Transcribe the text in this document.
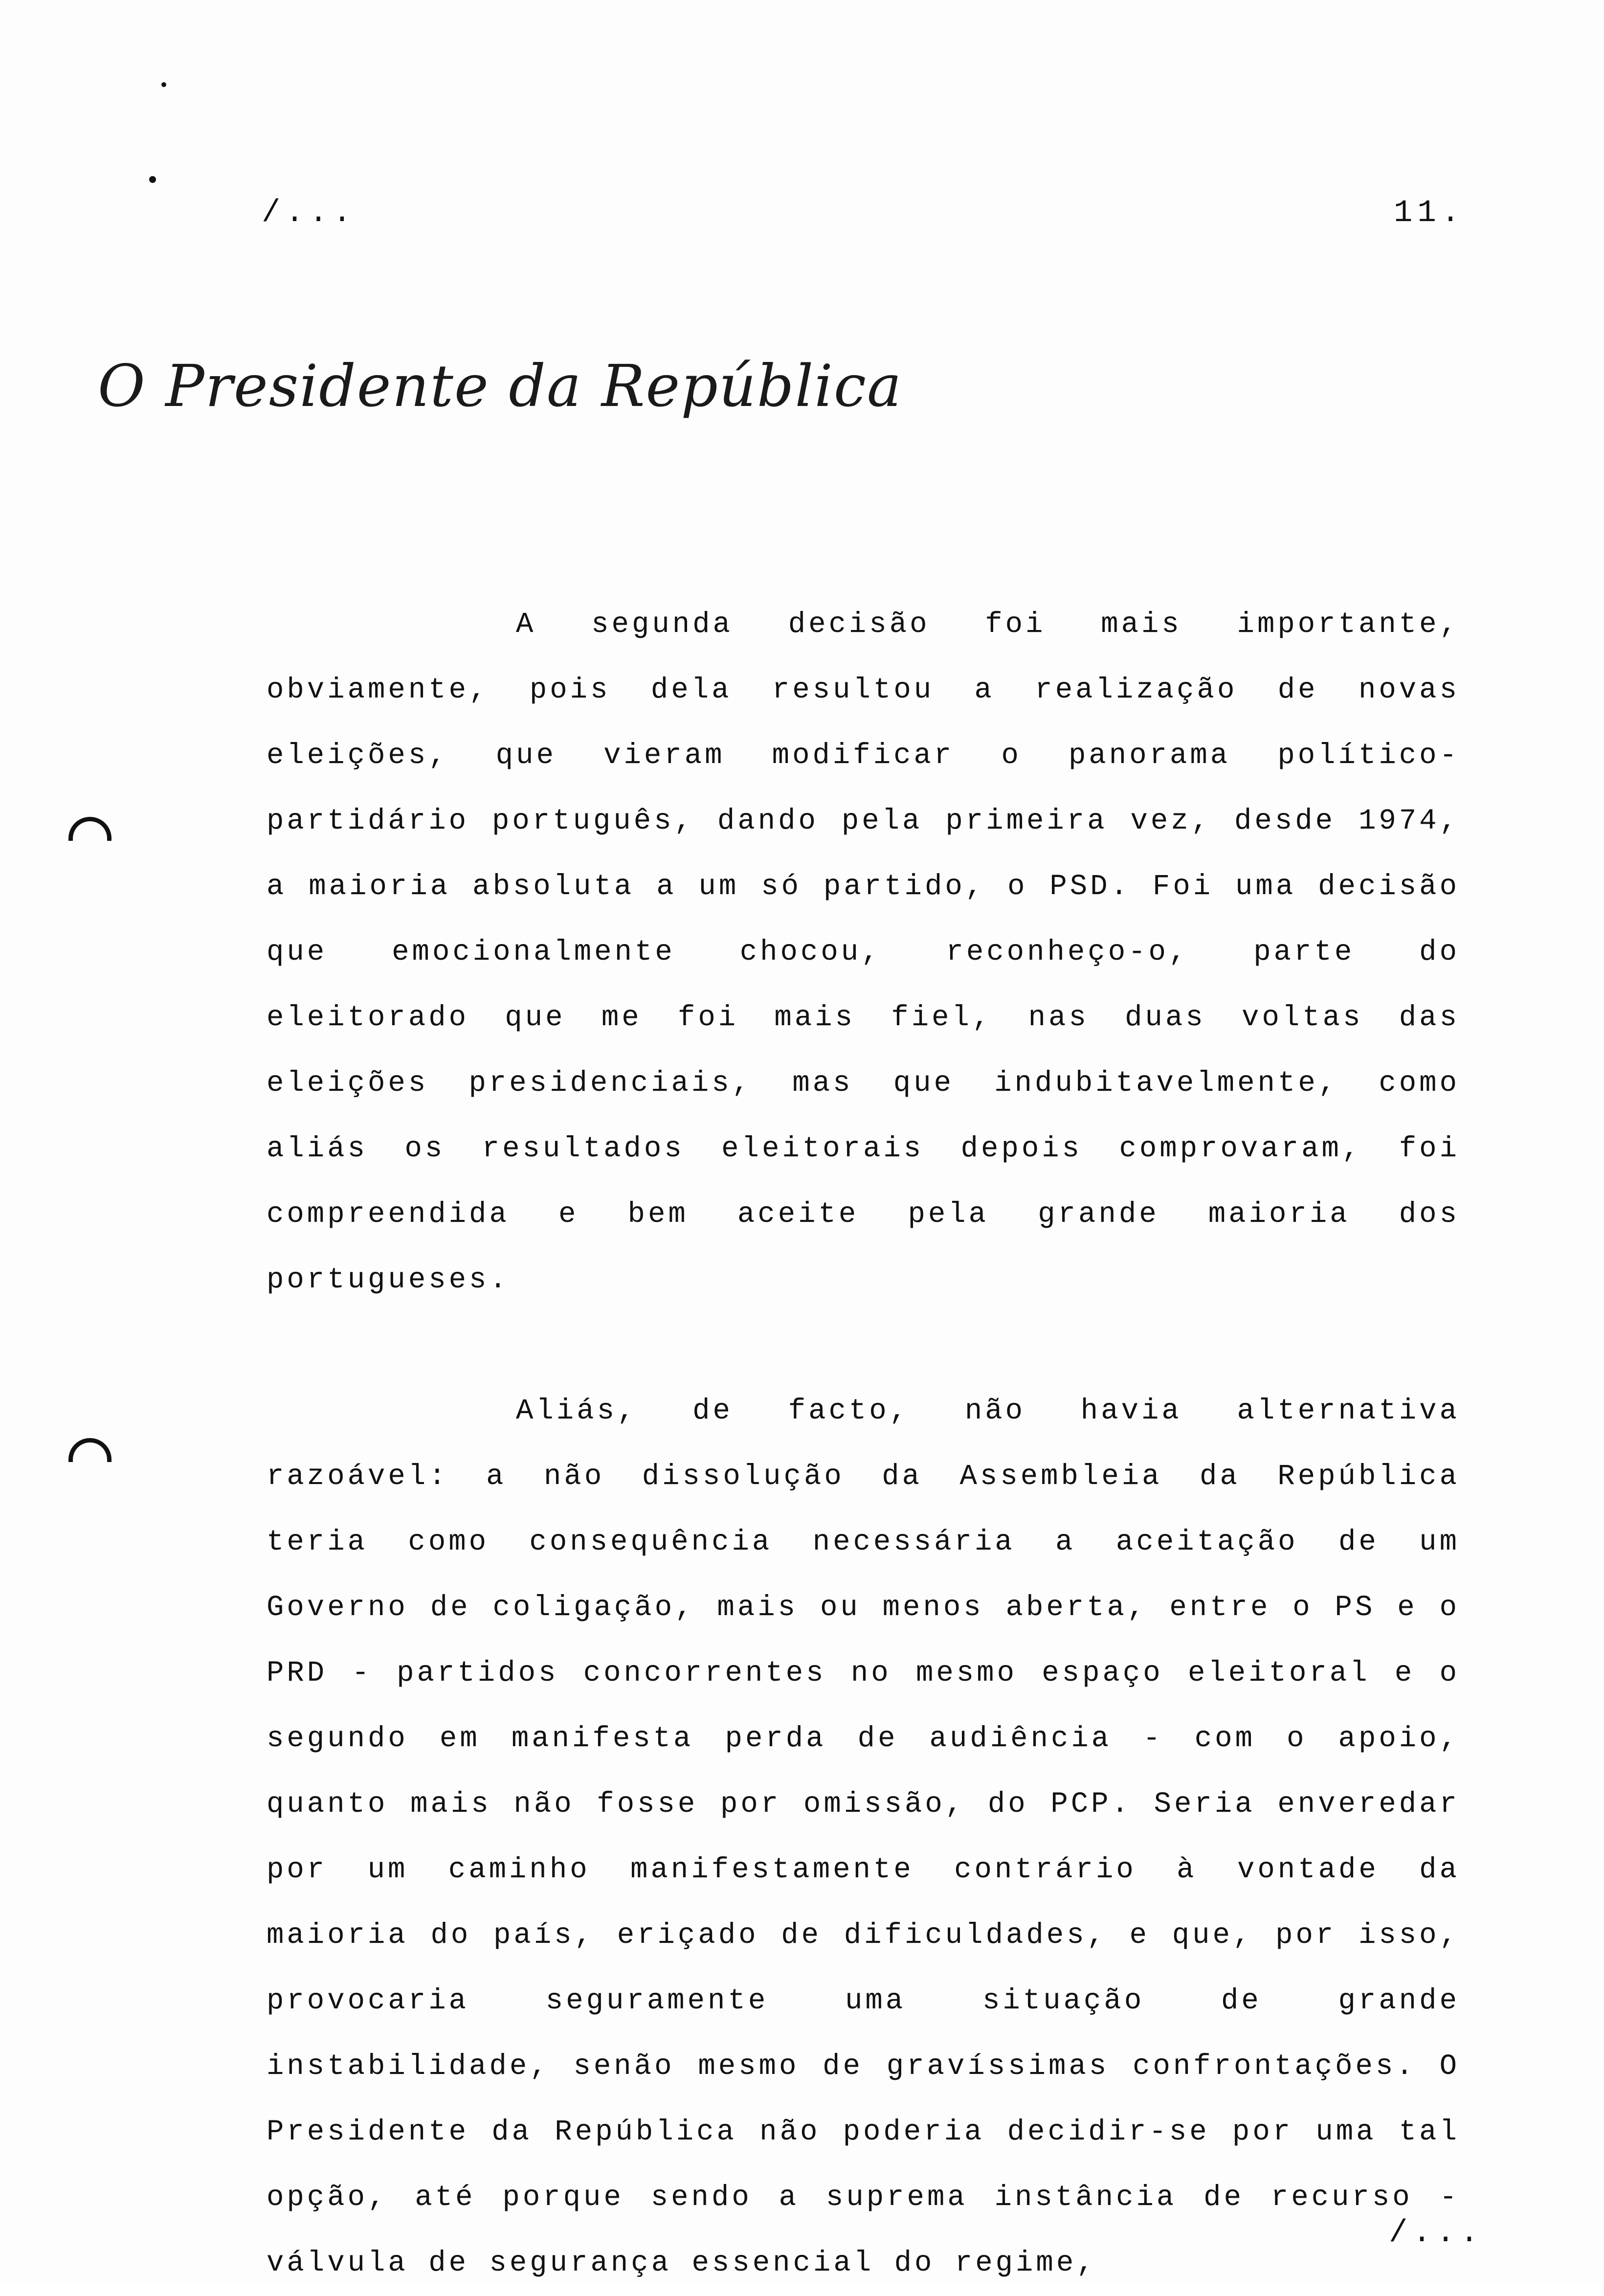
/...	11.
O Presidente da República

A segunda decisão foi mais importante, obviamente, pois dela resultou a realização de novas eleições, que vieram modificar o panorama político-partidário português, dando pela primeira vez, desde 1974, a maioria absoluta a um só partido, o PSD. Foi uma decisão que emocionalmente chocou, reconheço-o, parte do eleitorado que me foi mais fiel, nas duas voltas das eleições presidenciais, mas que indubitavelmente, como aliás os resultados eleitorais depois comprovaram, foi compreendida e bem aceite pela grande maioria dos portugueses.

Aliás, de facto, não havia alternativa razoável: a não dissolução da Assembleia da República teria como consequência necessária a aceitação de um Governo de coligação, mais ou menos aberta, entre o PS e o PRD - partidos concorrentes no mesmo espaço eleitoral e o segundo em manifesta perda de audiência - com o apoio, quanto mais não fosse por omissão, do PCP. Seria enveredar por um caminho manifestamente contrário à vontade da maioria do país, eriçado de dificuldades, e que, por isso, provocaria seguramente uma situação de grande instabilidade, senão mesmo de gravíssimas confrontações. O Presidente da República não poderia decidir-se por uma tal opção, até porque sendo a suprema instância de recurso - válvula de segurança essencial do regime,

/...
